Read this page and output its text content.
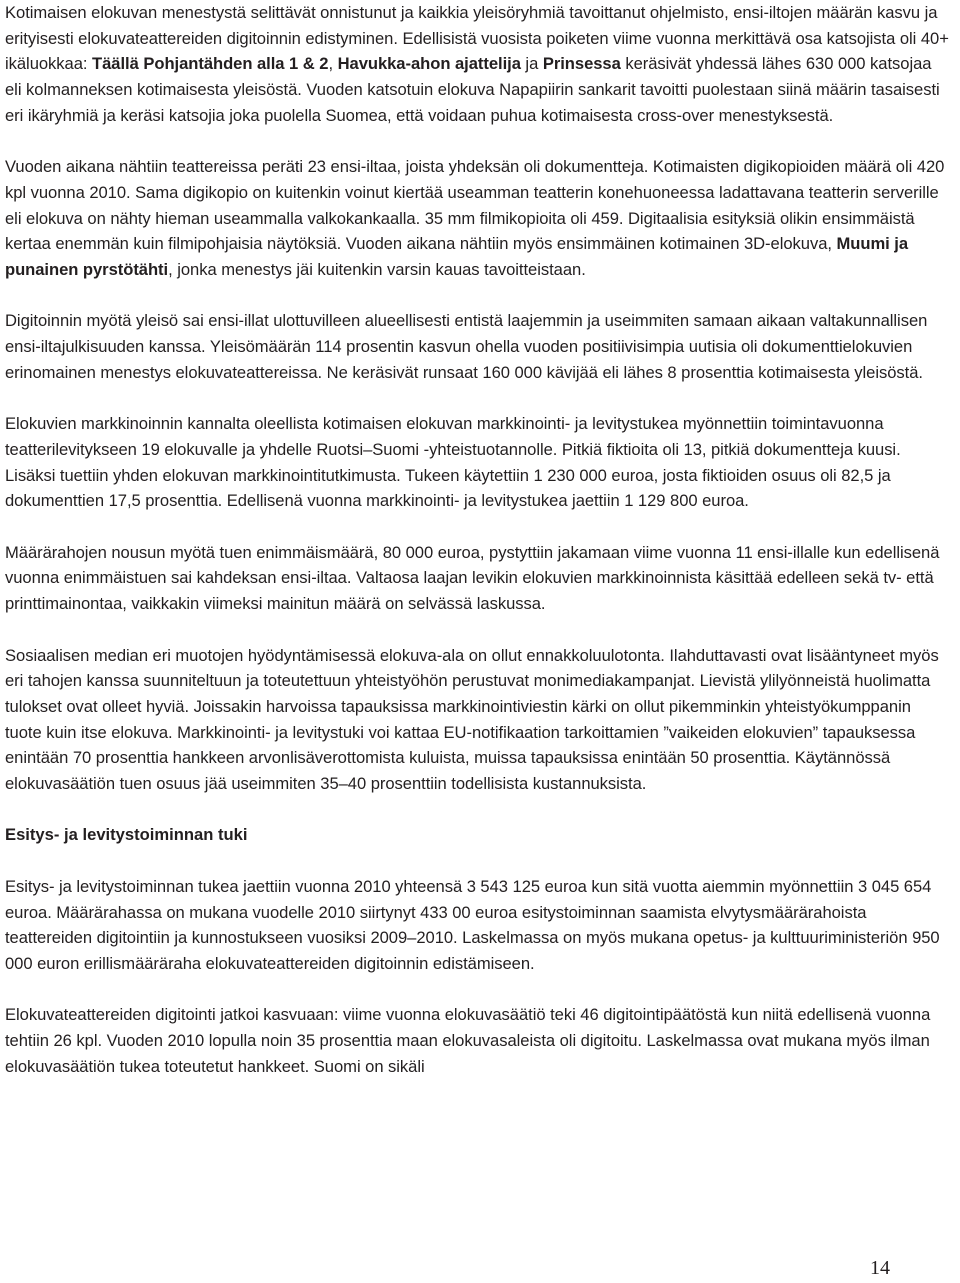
Kotimaisen elokuvan menestystä selittävät onnistunut ja kaikkia yleisöryhmiä tavoittanut ohjelmisto, ensi-iltojen määrän kasvu ja erityisesti elokuvateattereiden digitoinnin edistyminen. Edellisistä vuosista poiketen viime vuonna merkittävä osa katsojista oli 40+ ikäluokkaa: Täällä Pohjantähden alla 1 & 2, Havukka-ahon ajattelija ja Prinsessa keräsivät yhdessä lähes 630 000 katsojaa eli kolmanneksen kotimaisesta yleisöstä. Vuoden katsotuin elokuva Napapiirin sankarit tavoitti puolestaan siinä määrin tasaisesti eri ikäryhmiä ja keräsi katsojia joka puolella Suomea, että voidaan puhua kotimaisesta cross-over menestyksestä.

Vuoden aikana nähtiin teattereissa peräti 23 ensi-iltaa, joista yhdeksän oli dokumentteja. Kotimaisten digikopioiden määrä oli 420 kpl vuonna 2010. Sama digikopio on kuitenkin voinut kiertää useamman teatterin konehuoneessa ladattavana teatterin serverille eli elokuva on nähty hieman useammalla valkokankaalla. 35 mm filmikopioita oli 459. Digitaalisia esityksiä olikin ensimmäistä kertaa enemmän kuin filmipohjaisia näytöksiä. Vuoden aikana nähtiin myös ensimmäinen kotimainen 3D-elokuva, Muumi ja punainen pyrstötähti, jonka menestys jäi kuitenkin varsin kauas tavoitteistaan.

Digitoinnin myötä yleisö sai ensi-illat ulottuvilleen alueellisesti entistä laajemmin ja useimmiten samaan aikaan valtakunnallisen ensi-iltajulkisuuden kanssa. Yleisömäärän 114 prosentin kasvun ohella vuoden positiivisimpia uutisia oli dokumenttielokuvien erinomainen menestys elokuvateattereissa. Ne keräsivät runsaat 160 000 kävijää eli lähes 8 prosenttia kotimaisesta yleisöstä.

Elokuvien markkinoinnin kannalta oleellista kotimaisen elokuvan markkinointi- ja levitystukea myönnettiin toimintavuonna teatterilevitykseen 19 elokuvalle ja yhdelle Ruotsi–Suomi -yhteistuotannolle. Pitkiä fiktioita oli 13, pitkiä dokumentteja kuusi. Lisäksi tuettiin yhden elokuvan markkinointitutkimusta. Tukeen käytettiin 1 230 000 euroa, josta fiktioiden osuus oli 82,5 ja dokumenttien 17,5 prosenttia. Edellisenä vuonna markkinointi- ja levitystukea jaettiin 1 129 800 euroa.

Määrärahojen nousun myötä tuen enimmäismäärä, 80 000 euroa, pystyttiin jakamaan viime vuonna 11 ensi-illalle kun edellisenä vuonna enimmäistuen sai kahdeksan ensi-iltaa. Valtaosa laajan levikin elokuvien markkinoinnista käsittää edelleen sekä tv- että printtimainontaa, vaikkakin viimeksi mainitun määrä on selvässä laskussa.

Sosiaalisen median eri muotojen hyödyntämisessä elokuva-ala on ollut ennakkoluulotonta. Ilahduttavasti ovat lisääntyneet myös eri tahojen kanssa suunniteltuun ja toteutettuun yhteistyöhön perustuvat monimediakampanjat. Lievistä ylilyönneistä huolimatta tulokset ovat olleet hyviä. Joissakin harvoissa tapauksissa markkinointiviestin kärki on ollut pikemminkin yhteistyökumppanin tuote kuin itse elokuva. Markkinointi- ja levitystuki voi kattaa EU-notifikaation tarkoittamien ”vaikeiden elokuvien” tapauksessa enintään 70 prosenttia hankkeen arvonlisäverottomista kuluista, muissa tapauksissa enintään 50 prosenttia. Käytännössä elokuvasäätiön tuen osuus jää useimmiten 35–40 prosenttiin todellisista kustannuksista.

Esitys- ja levitystoiminnan tuki

Esitys- ja levitystoiminnan tukea jaettiin vuonna 2010 yhteensä 3 543 125 euroa kun sitä vuotta aiemmin myönnettiin 3 045 654 euroa. Määrärahassa on mukana vuodelle 2010 siirtynyt 433 00 euroa esitystoiminnan saamista elvytysmäärärahoista teattereiden digitointiin ja kunnostukseen vuosiksi 2009–2010. Laskelmassa on myös mukana opetus- ja kulttuuriministeriön 950 000 euron erillismääräraha elokuvateattereiden digitoinnin edistämiseen.

Elokuvateattereiden digitointi jatkoi kasvuaan: viime vuonna elokuvasäätiö teki 46 digitointipäätöstä kun niitä edellisenä vuonna tehtiin 26 kpl. Vuoden 2010 lopulla noin 35 prosenttia maan elokuvasaleista oli digitoitu. Laskelmassa ovat mukana myös ilman elokuvasäätiön tukea toteutetut hankkeet. Suomi on sikäli

14
